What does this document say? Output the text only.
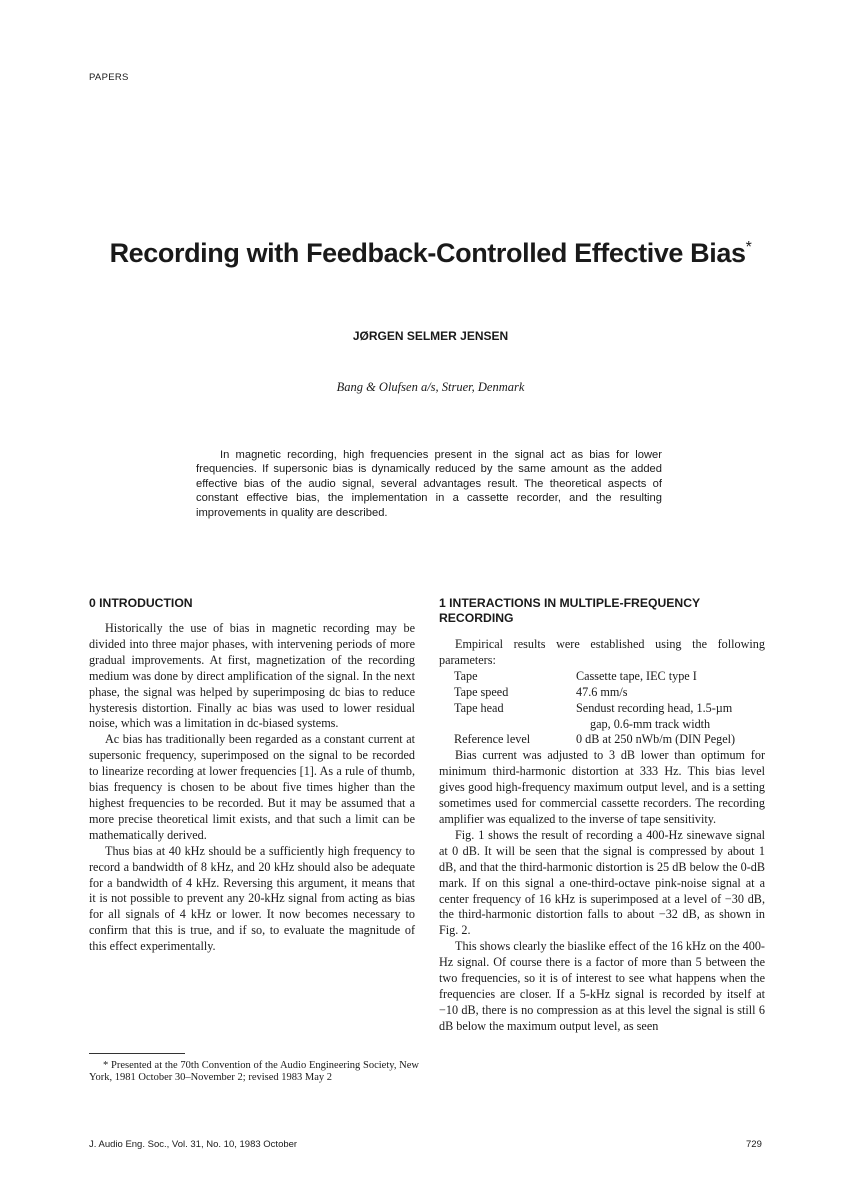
PAPERS
Recording with Feedback-Controlled Effective Bias*
JØRGEN SELMER JENSEN
Bang & Olufsen a/s, Struer, Denmark

In magnetic recording, high frequencies present in the signal act as bias for lower frequencies. If supersonic bias is dynamically reduced by the same amount as the added effective bias of the audio signal, several advantages result. The theoretical aspects of constant effective bias, the implementation in a cassette recorder, and the resulting improvements in quality are described.

0 INTRODUCTION	1 INTERACTIONS IN MULTIPLE-FREQUENCY RECORDING

Historically the use of bias in magnetic recording may be divided into three major phases, with intervening periods of more gradual improvements. At first, magnetization of the recording medium was done by direct amplification of the signal. In the next phase, the signal was helped by superimposing dc bias to reduce hysteresis distortion. Finally ac bias was used to lower residual noise, which was a limitation in dc-biased systems.

Ac bias has traditionally been regarded as a constant current at supersonic frequency, superimposed on the signal to be recorded to linearize recording at lower frequencies [1]. As a rule of thumb, bias frequency is chosen to be about five times higher than the highest frequencies to be recorded. But it may be assumed that a more precise theoretical limit exists, and that such a limit can be mathematically derived.

Thus bias at 40 kHz should be a sufficiently high frequency to record a bandwidth of 8 kHz, and 20 kHz should also be adequate for a bandwidth of 4 kHz. Reversing this argument, it means that it is not possible to prevent any 20-kHz signal from acting as bias for all signals of 4 kHz or lower. It now becomes necessary to confirm that this is true, and if so, to evaluate the magnitude of this effect experimentally.

Empirical results were established using the following parameters:

Tape	Cassette tape, IEC type I
Tape speed	47.6 mm/s
Tape head	Sendust recording head, 1.5-µm
gap, 0.6-mm track width

Reference level	0 dB at 250 nWb/m (DIN Pegel)

Bias current was adjusted to 3 dB lower than optimum for minimum third-harmonic distortion at 333 Hz. This bias level gives good high-frequency maximum output level, and is a setting sometimes used for commercial cassette recorders. The recording amplifier was equalized to the inverse of tape sensitivity.

Fig. 1 shows the result of recording a 400-Hz sinewave signal at 0 dB. It will be seen that the signal is compressed by about 1 dB, and that the third-harmonic distortion is 25 dB below the 0-dB mark. If on this signal a one-third-octave pink-noise signal at a center frequency of 16 kHz is superimposed at a level of −30 dB, the third-harmonic distortion falls to about −32 dB, as shown in Fig. 2.

This shows clearly the biaslike effect of the 16 kHz on the 400-Hz signal. Of course there is a factor of more than 5 between the two frequencies, so it is of interest to see what happens when the frequencies are closer. If a 5-kHz signal is recorded by itself at −10 dB, there is no compression as at this level the signal is still 6 dB below the maximum output level, as seen

* Presented at the 70th Convention of the Audio Engineering Society, New York, 1981 October 30–November 2; revised 1983 May 2

J. Audio Eng. Soc., Vol. 31, No. 10, 1983 October	729
